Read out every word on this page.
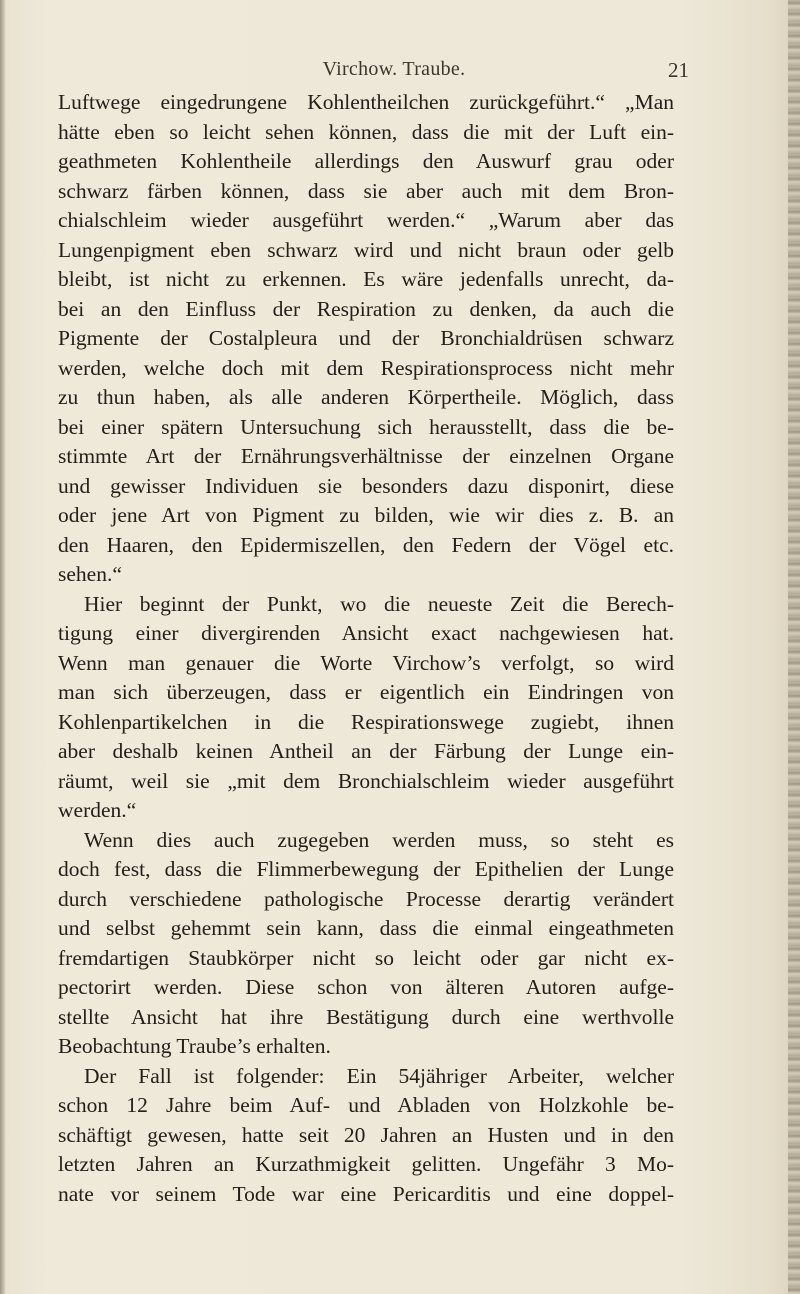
Virchow. Traube.	21
Luftwege eingedrungene Kohlentheilchen zurückgeführt.“ „Man
hätte eben so leicht sehen können, dass die mit der Luft ein-
geathmeten Kohlentheile allerdings den Auswurf grau oder
schwarz färben können, dass sie aber auch mit dem Bron-
chialschleim wieder ausgeführt werden.“ „Warum aber das
Lungenpigment eben schwarz wird und nicht braun oder gelb
bleibt, ist nicht zu erkennen. Es wäre jedenfalls unrecht, da-
bei an den Einfluss der Respiration zu denken, da auch die
Pigmente der Costalpleura und der Bronchialdrüsen schwarz
werden, welche doch mit dem Respirationsprocess nicht mehr
zu thun haben, als alle anderen Körpertheile. Möglich, dass
bei einer spätern Untersuchung sich herausstellt, dass die be-
stimmte Art der Ernährungsverhältnisse der einzelnen Organe
und gewisser Individuen sie besonders dazu disponirt, diese
oder jene Art von Pigment zu bilden, wie wir dies z. B. an
den Haaren, den Epidermiszellen, den Federn der Vögel etc.
sehen.“
Hier beginnt der Punkt, wo die neueste Zeit die Berech-
tigung einer divergirenden Ansicht exact nachgewiesen hat.
Wenn man genauer die Worte Virchow’s verfolgt, so wird
man sich überzeugen, dass er eigentlich ein Eindringen von
Kohlenpartikelchen in die Respirationswege zugiebt, ihnen
aber deshalb keinen Antheil an der Färbung der Lunge ein-
räumt, weil sie „mit dem Bronchialschleim wieder ausgeführt
werden.“
Wenn dies auch zugegeben werden muss, so steht es
doch fest, dass die Flimmerbewegung der Epithelien der Lunge
durch verschiedene pathologische Processe derartig verändert
und selbst gehemmt sein kann, dass die einmal eingeathmeten
fremdartigen Staubkörper nicht so leicht oder gar nicht ex-
pectorirt werden. Diese schon von älteren Autoren aufge-
stellte Ansicht hat ihre Bestätigung durch eine werthvolle
Beobachtung Traube’s erhalten.
Der Fall ist folgender: Ein 54jähriger Arbeiter, welcher
schon 12 Jahre beim Auf- und Abladen von Holzkohle be-
schäftigt gewesen, hatte seit 20 Jahren an Husten und in den
letzten Jahren an Kurzathmigkeit gelitten. Ungefähr 3 Mo-
nate vor seinem Tode war eine Pericarditis und eine doppel-
